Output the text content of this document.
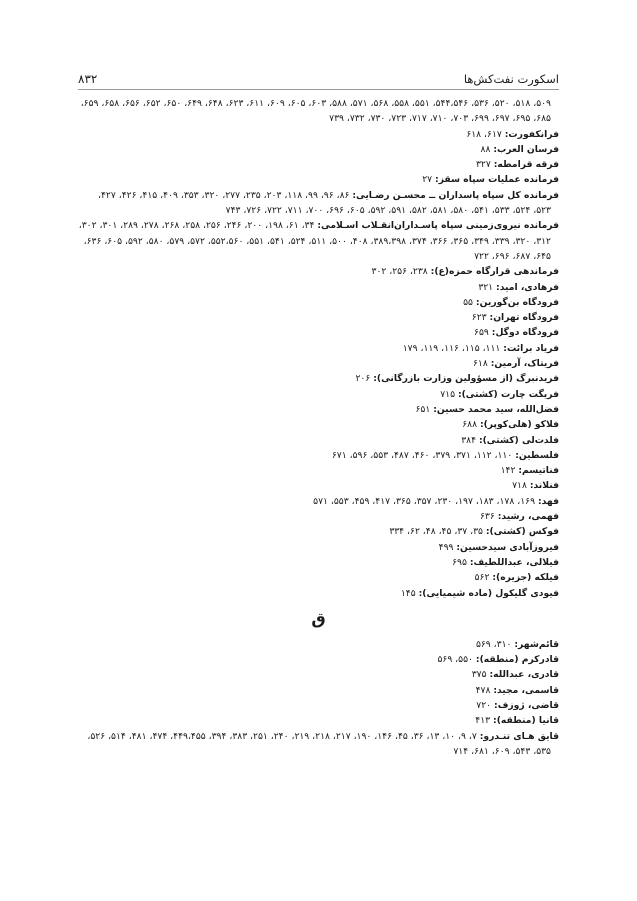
اسکورت نفت‌کش‌ها
۸۳۲

۵۰۹، ۵۱۸، ۵۲۰، ۵۳۶، ۵۴۴،۵۴۶، ۵۵۱، ۵۵۸، ۵۶۸، ۵۷۱، ۵۸۸، ۶۰۳، ۶۰۵، ۶۰۹، ۶۱۱، ۶۲۳، ۶۴۸، ۶۴۹، ۶۵۰، ۶۵۲، ۶۵۶، ۶۵۸، ۶۵۹، ۶۸۵، ۶۹۵، ۶۹۷، ۶۹۹، ۷۰۳، ۷۱۰، ۷۱۷، ۷۲۳، ۷۳۰، ۷۳۲، ۷۳۹

فرانکفورت: ۶۱۷، ۶۱۸

فرسان العرب: ۸۸

فرقه قرامطه: ۳۲۷

فرمانده عملیات سپاه سقز: ۲۷

فرمانده کل سپاه پاسداران ــ محسـن رضـایی: ۸۶، ۹۶، ۹۹، ۱۱۸، ۲۰۳، ۲۳۵، ۲۷۷، ۳۲۰، ۳۵۳، ۴۰۹، ۴۱۵، ۴۲۶، ۴۲۷، ۵۲۳، ۵۲۴، ۵۳۳، ۵۴۱، ۵۸۰، ۵۸۱، ۵۸۲، ۵۹۱، ۵۹۲، ۶۰۵، ۶۹۶، ۷۰۰، ۷۱۱، ۷۲۲، ۷۲۶، ۷۴۳

فرمانده نیروی‌زمینی سپاه پاسـداران‌انقـلاب اسـلامی: ۳۴، ۶۱، ۱۹۸، ۲۰۰، ۲۴۶، ۲۵۶، ۲۵۸، ۲۶۸، ۲۷۸، ۲۸۹، ۳۰۱، ۳۰۲، ۳۱۲، ۳۲۰، ۳۳۹، ۳۴۹، ۳۶۵، ۳۶۶، ۳۷۴، ۳۸۹،۳۹۸، ۴۰۸، ۵۰۰، ۵۱۱، ۵۲۴، ۵۴۱، ۵۵۱، ۵۵۲،۵۶۰، ۵۷۲، ۵۷۹، ۵۸۰، ۵۹۲، ۶۰۵، ۶۳۶، ۶۴۵، ۶۸۷، ۶۹۶، ۷۲۲

فرماندهی قرارگاه حمزه(ع): ۲۳۸، ۲۵۶، ۳۰۲

فرهادی، امید: ۳۲۱

فرودگاه بن‌گورین: ۵۵

فرودگاه تهران: ۶۲۳

فرودگاه دوگل: ۶۵۹

فریاد برائت: ۱۱۱، ۱۱۵، ۱۱۶، ۱۱۹، ۱۷۹

فریتاک، آرمین: ۶۱۸

فریدنبرگ (از مسؤولین وزارت بازرگانی): ۲۰۶

فریگت چارت (کشتی): ۷۱۵

فضل‌الله، سید محمد حسین: ۶۵۱

فلاکو (هلی‌کوپر): ۶۸۸

فلدت‌لی (کشتی): ۳۸۴

فلسطین: ۱۱۰، ۱۱۲، ۳۷۱، ۳۷۹، ۴۶۰، ۴۸۷، ۵۵۳، ۵۹۶، ۶۷۱

فناتیسم: ۱۴۲

فنلاند: ۷۱۸

فهد: ۱۶۹، ۱۷۸، ۱۸۳، ۱۹۷، ۲۳۰، ۳۵۷، ۳۶۵، ۴۱۷، ۴۵۹، ۵۵۳، ۵۷۱

فهمی، رشید: ۶۳۶

فوکس (کشتی): ۳۵، ۳۷، ۴۵، ۴۸، ۶۲، ۳۳۴

فیروزآبادی سیدحسین: ۴۹۹

فیلالی، عبداللطیف: ۶۹۵

فیلکه (جزیره): ۵۶۲

فیودی گلیکول (ماده شیمیایی): ۱۴۵

ق

قائم‌شهر: ۳۱۰، ۵۶۹

قادرکرم (منطقه): ۵۵۰، ۵۶۹

قادری، عبدالله: ۳۷۵

قاسمی، مجید: ۴۷۸

قاضی، ژوزف: ۷۲۰

قانیا (منطقه): ۴۱۳

قایق هـای تنـدرو: ۷، ۹، ۱۰، ۱۳، ۳۶، ۴۵، ۱۴۶، ۱۹۰، ۲۱۷، ۲۱۸، ۲۱۹، ۲۴۰، ۲۵۱، ۳۸۳، ۳۹۴، ۴۴۹،۴۵۵، ۴۷۴، ۴۸۱، ۵۱۴، ۵۲۶، ۵۳۵، ۵۴۳، ۶۰۹، ۶۸۱، ۷۱۴
